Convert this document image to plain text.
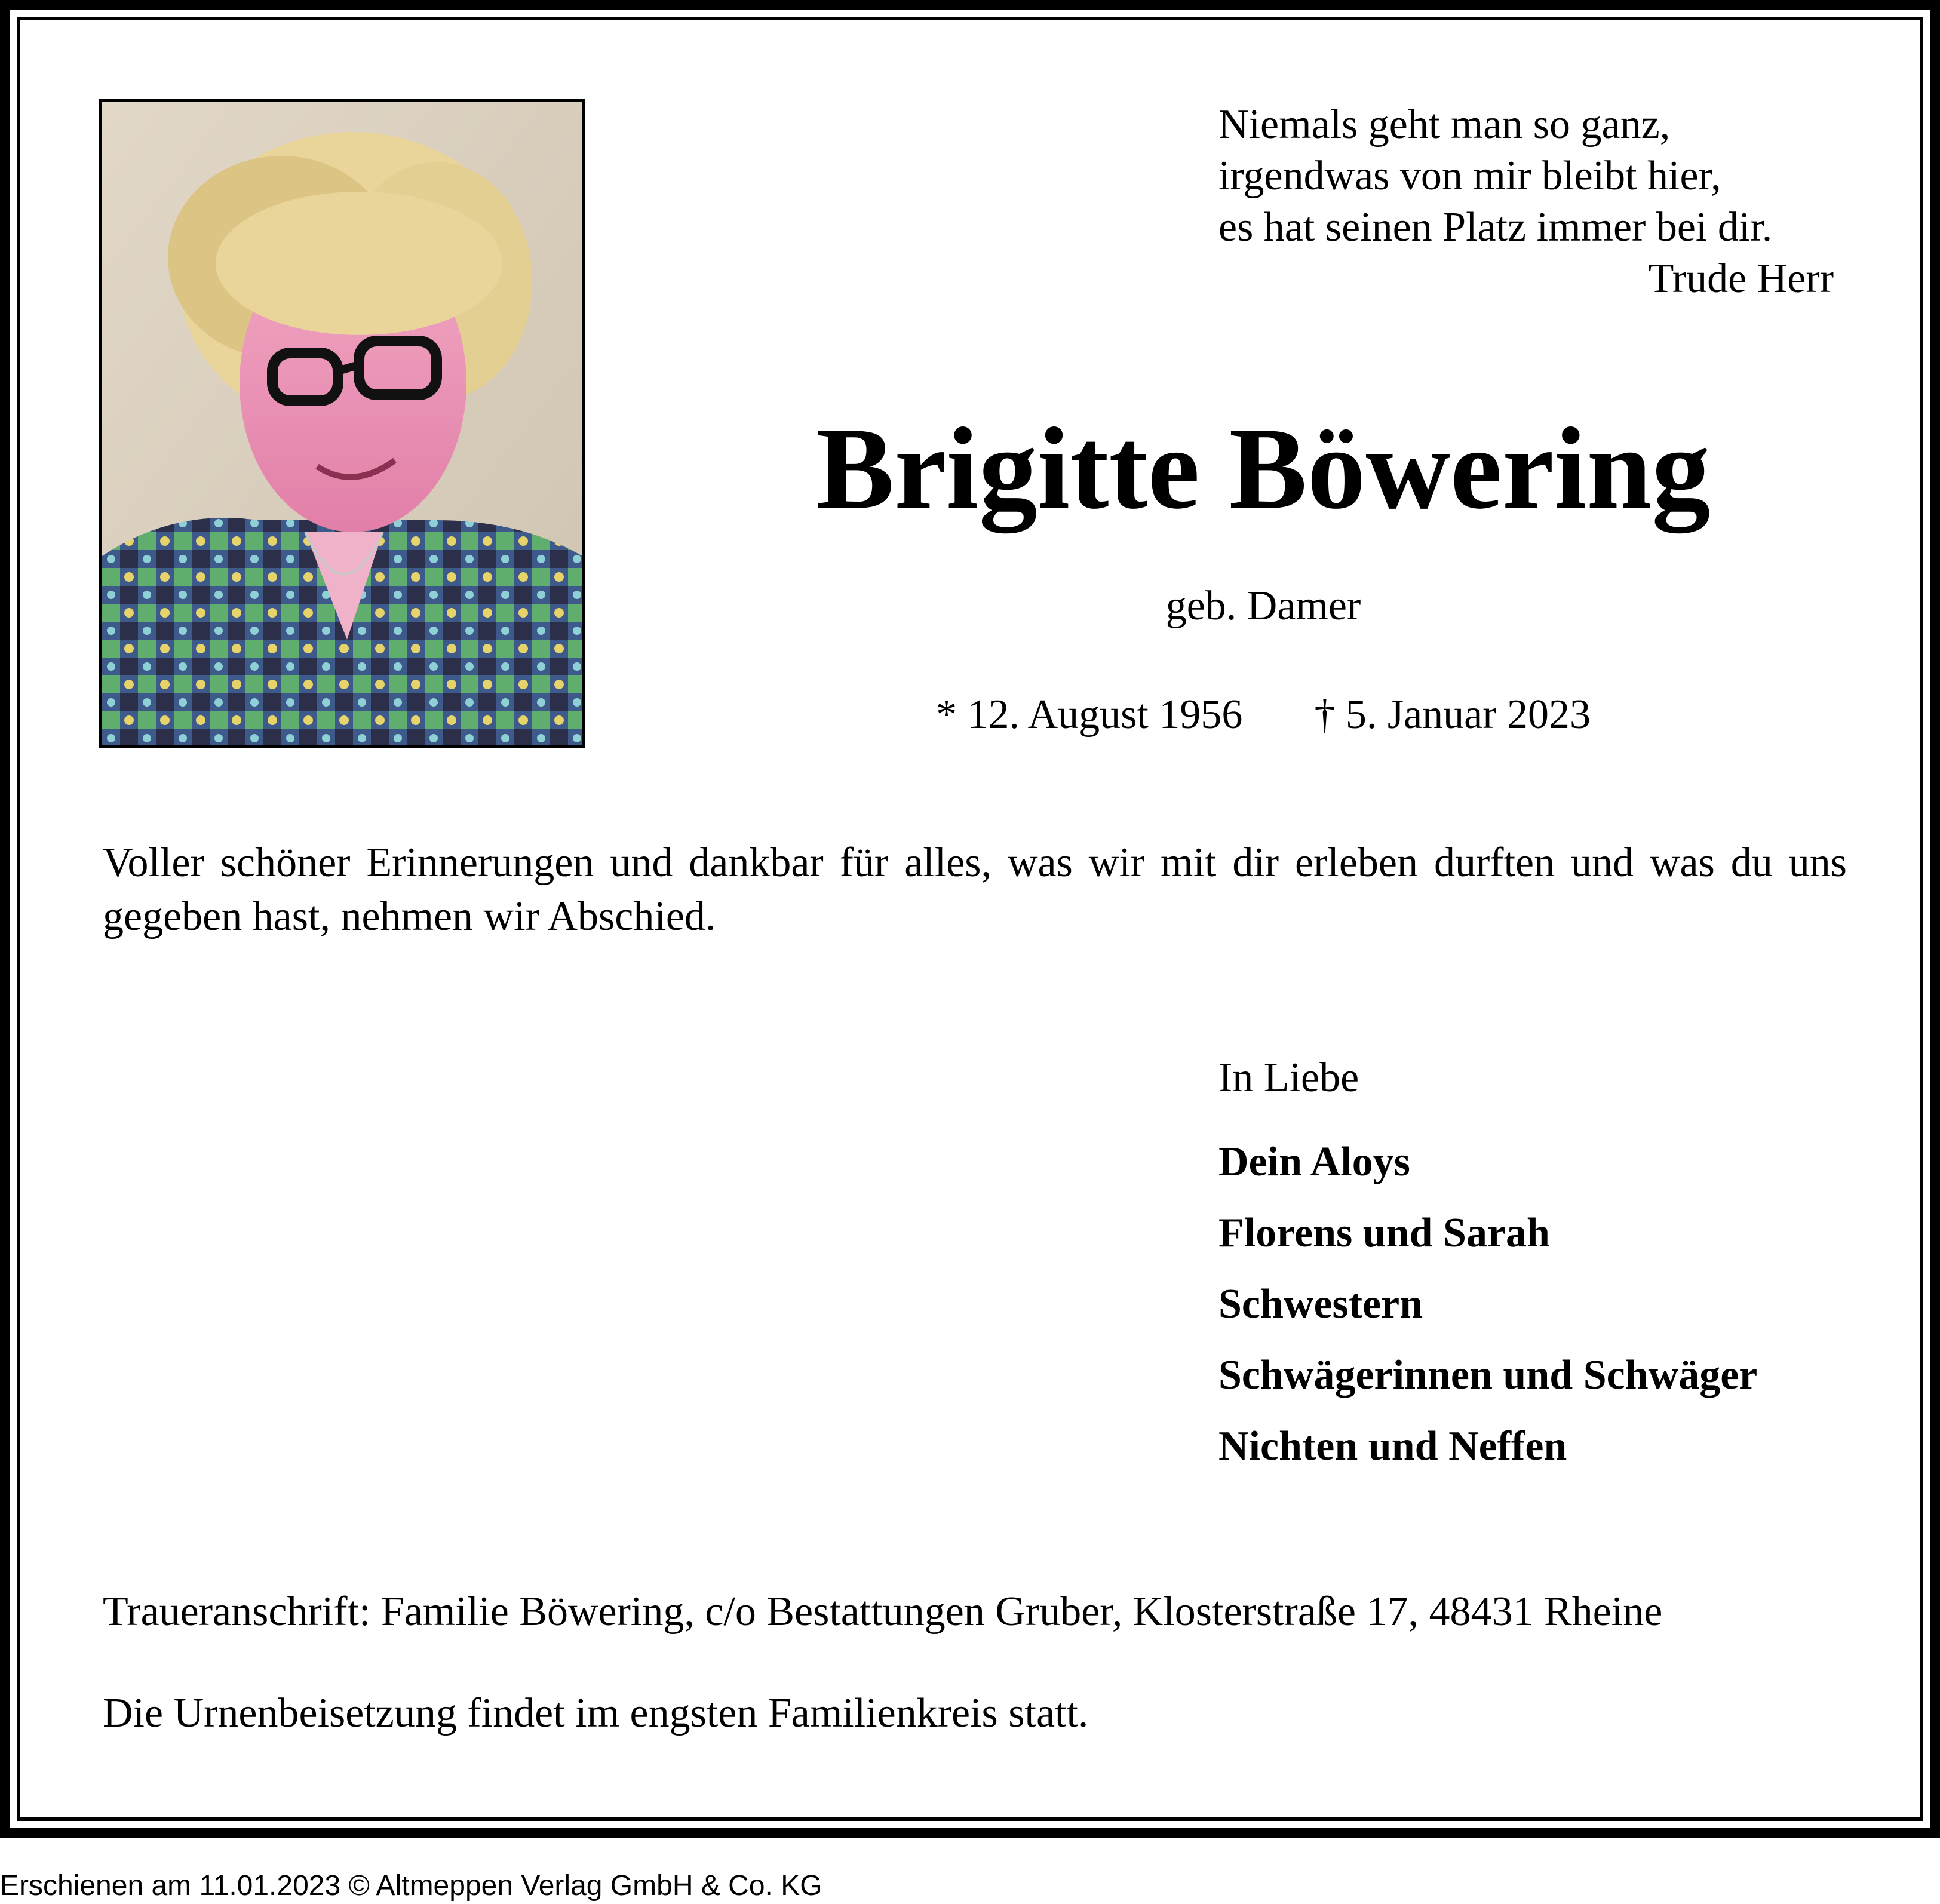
Niemals geht man so ganz,
irgendwas von mir bleibt hier,
es hat seinen Platz immer bei dir.
Trude Herr
Brigitte Böwering
geb. Damer
* 12. August 1956 † 5. Januar 2023
Voller schöner Erinnerungen und dankbar für alles, was wir mit dir erleben durften und was du uns gegeben hast, nehmen wir Abschied.
In Liebe
Dein Aloys
Florens und Sarah
Schwestern
Schwägerinnen und Schwäger
Nichten und Neffen
Traueranschrift: Familie Böwering, c/o Bestattungen Gruber, Klosterstraße 17, 48431 Rheine
Die Urnenbeisetzung findet im engsten Familienkreis statt.
Erschienen am 11.01.2023 © Altmeppen Verlag GmbH & Co. KG
